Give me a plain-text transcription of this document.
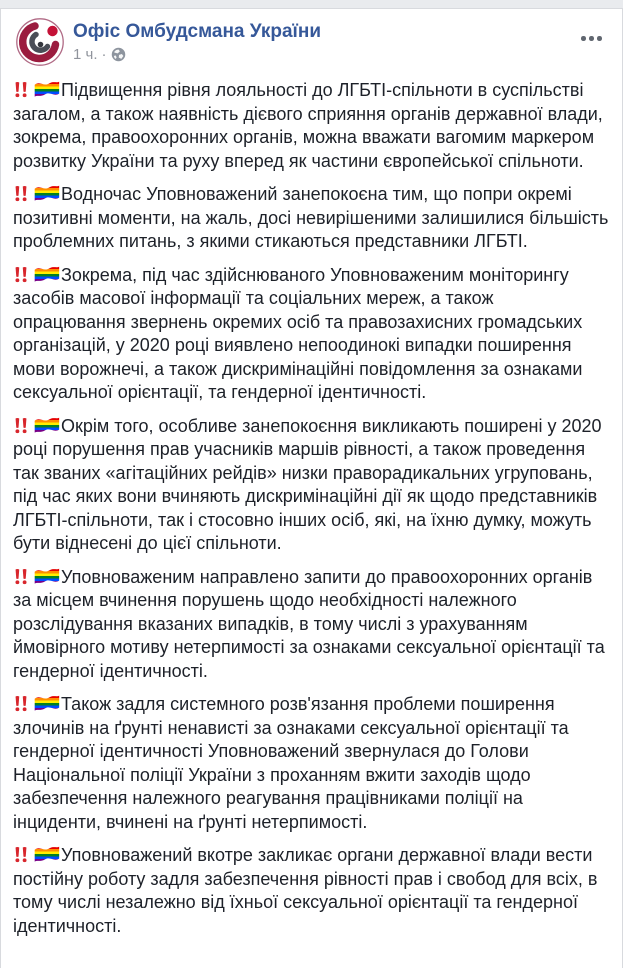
Офіс Омбудсмана України
1 ч. ·

Підвищення рівня лояльності до ЛГБТІ-спільноти в суспільстві загалом, а також наявність дієвого сприяння органів державної влади, зокрема, правоохоронних органів, можна вважати вагомим маркером розвитку України та руху вперед як частини європейської спільноти.

Водночас Уповноважений занепокоєна тим, що попри окремі позитивні моменти, на жаль, досі невирішеними залишилися більшість проблемних питань, з якими стикаються представники ЛГБТІ.

Зокрема, під час здійснюваного Уповноваженим моніторингу засобів масової інформації та соціальних мереж, а також опрацювання звернень окремих осіб та правозахисних громадських організацій, у 2020 році виявлено непоодинокі випадки поширення мови ворожнечі, а також дискримінаційні повідомлення за ознаками сексуальної орієнтації, та гендерної ідентичності.

Окрім того, особливе занепокоєння викликають поширені у 2020 році порушення прав учасників маршів рівності, а також проведення так званих «агітаційних рейдів» низки праворадикальних угруповань, під час яких вони вчиняють дискримінаційні дії як щодо представників ЛГБТІ-спільноти, так і стосовно інших осіб, які, на їхню думку, можуть бути віднесені до цієї спільноти.

Уповноваженим направлено запити до правоохоронних органів за місцем вчинення порушень щодо необхідності належного розслідування вказаних випадків, в тому числі з урахуванням ймовірного мотиву нетерпимості за ознаками сексуальної орієнтації та гендерної ідентичності.

Також задля системного розв'язання проблеми поширення злочинів на ґрунті ненависті за ознаками сексуальної орієнтації та гендерної ідентичності Уповноважений звернулася до Голови Національної поліції України з проханням вжити заходів щодо забезпечення належного реагування працівниками поліції на інциденти, вчинені на ґрунті нетерпимості.

Уповноважений вкотре закликає органи державної влади вести постійну роботу задля забезпечення рівності прав і свобод для всіх, в тому числі незалежно від їхньої сексуальної орієнтації та гендерної ідентичності.
